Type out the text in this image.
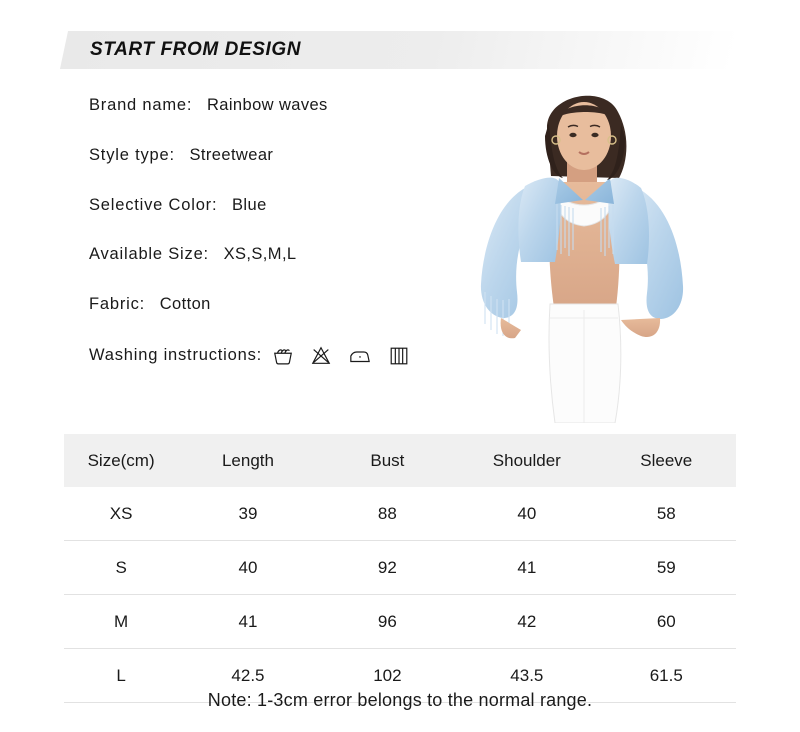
START FROM DESIGN
Brand name: Rainbow waves
Style type: Streetwear
Selective Color: Blue
Available Size: XS,S,M,L
Fabric: Cotton
Washing instructions:
Size(cm)	Length	Bust	Shoulder	Sleeve
XS	39	88	40	58
S	40	92	41	59
M	41	96	42	60
L	42.5	102	43.5	61.5
Note: 1-3cm error belongs to the normal range.
